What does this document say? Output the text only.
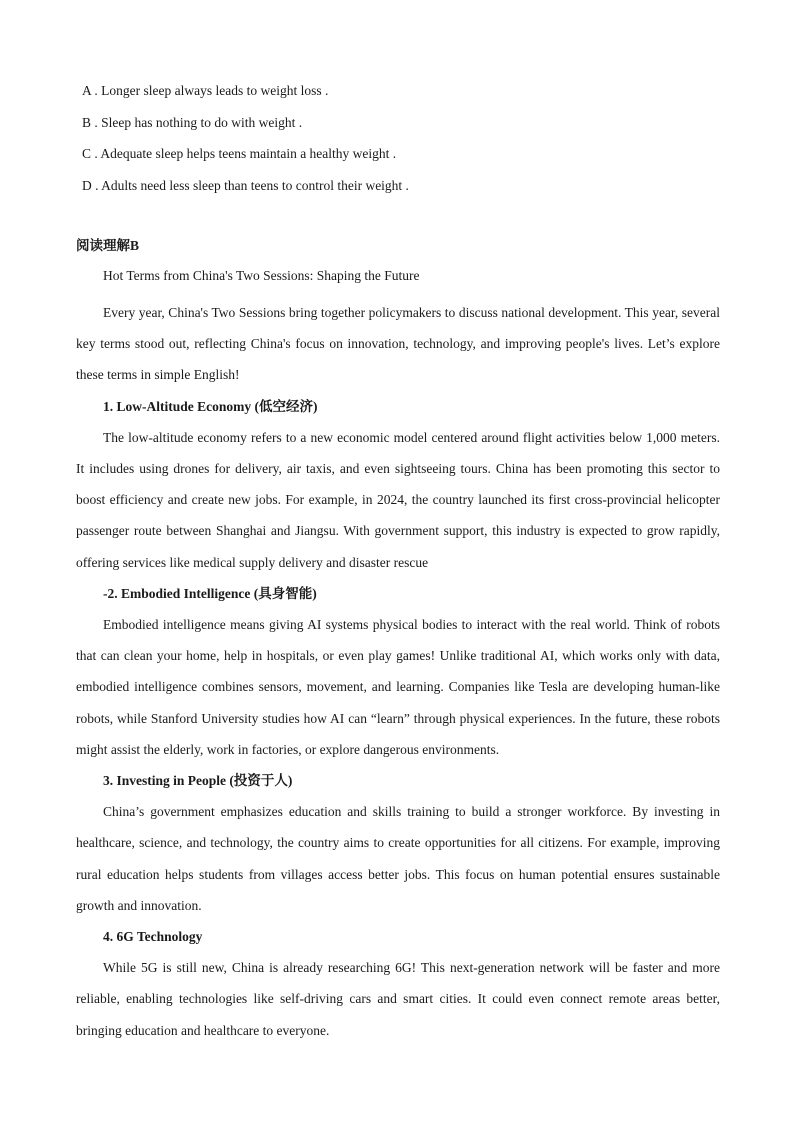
A . Longer sleep always leads to weight loss .
B . Sleep has nothing to do with weight .
C . Adequate sleep helps teens maintain a healthy weight .
D . Adults need less sleep than teens to control their weight .
阅读理解B
Hot Terms from China's Two Sessions: Shaping the Future

Every year, China's Two Sessions bring together policymakers to discuss national development. This year, several key terms stood out, reflecting China's focus on innovation, technology, and improving people's lives. Let’s explore these terms in simple English!

1. Low-Altitude Economy (低空经济)

The low-altitude economy refers to a new economic model centered around flight activities below 1,000 meters. It includes using drones for delivery, air taxis, and even sightseeing tours. China has been promoting this sector to boost efficiency and create new jobs. For example, in 2024, the country launched its first cross-provincial helicopter passenger route between Shanghai and Jiangsu. With government support, this industry is expected to grow rapidly, offering services like medical supply delivery and disaster rescue

-2. Embodied Intelligence (具身智能)

Embodied intelligence means giving AI systems physical bodies to interact with the real world. Think of robots that can clean your home, help in hospitals, or even play games! Unlike traditional AI, which works only with data, embodied intelligence combines sensors, movement, and learning. Companies like Tesla are developing human-like robots, while Stanford University studies how AI can “learn” through physical experiences. In the future, these robots might assist the elderly, work in factories, or explore dangerous environments.

3. Investing in People (投资于人)

China’s government emphasizes education and skills training to build a stronger workforce. By investing in healthcare, science, and technology, the country aims to create opportunities for all citizens. For example, improving rural education helps students from villages access better jobs. This focus on human potential ensures sustainable growth and innovation.

4. 6G Technology

While 5G is still new, China is already researching 6G! This next-generation network will be faster and more reliable, enabling technologies like self-driving cars and smart cities. It could even connect remote areas better, bringing education and healthcare to everyone.
